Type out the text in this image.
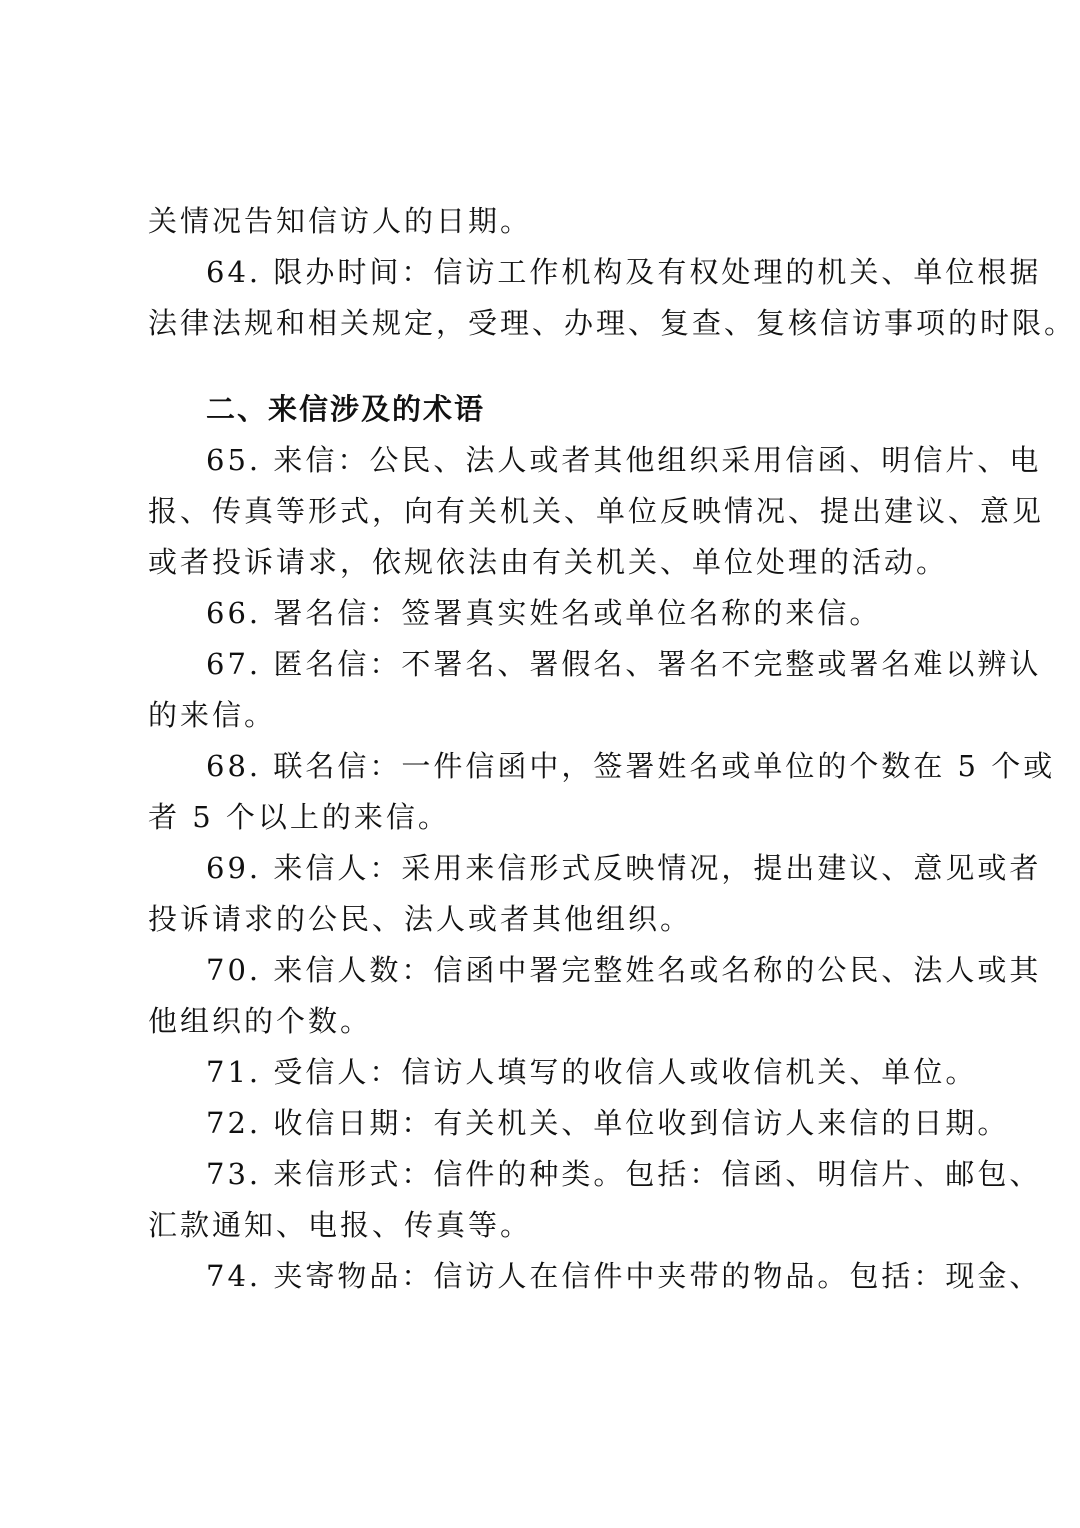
关情况告知信访人的日期。
64. 限办时间：信访工作机构及有权处理的机关、单位根据
法律法规和相关规定，受理、办理、复查、复核信访事项的时限。
二、来信涉及的术语
65. 来信：公民、法人或者其他组织采用信函、明信片、电
报、传真等形式，向有关机关、单位反映情况、提出建议、意见
或者投诉请求，依规依法由有关机关、单位处理的活动。
66. 署名信：签署真实姓名或单位名称的来信。
67. 匿名信：不署名、署假名、署名不完整或署名难以辨认
的来信。
68. 联名信：一件信函中，签署姓名或单位的个数在 5 个或
者 5 个以上的来信。
69. 来信人：采用来信形式反映情况，提出建议、意见或者
投诉请求的公民、法人或者其他组织。
70. 来信人数：信函中署完整姓名或名称的公民、法人或其
他组织的个数。
71. 受信人：信访人填写的收信人或收信机关、单位。
72. 收信日期：有关机关、单位收到信访人来信的日期。
73. 来信形式：信件的种类。包括：信函、明信片、邮包、
汇款通知、电报、传真等。
74. 夹寄物品：信访人在信件中夹带的物品。包括：现金、
